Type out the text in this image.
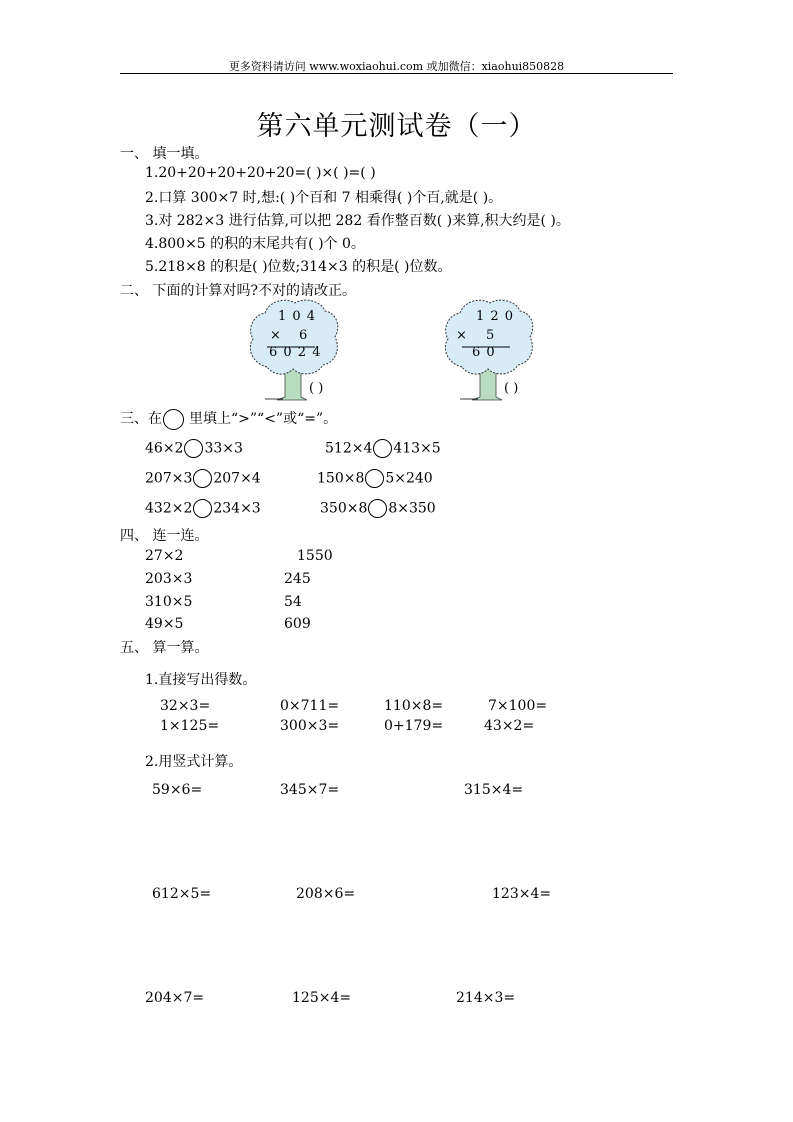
更多资料请访问 www.woxiaohui.com 或加微信：xiaohui850828
第六单元测试卷（一）
一、 填一填。
1.20+20+20+20+20=( )×( )=( )
2.口算 300×7 时,想:( )个百和 7 相乘得( )个百,就是( )。
3.对 282×3 进行估算,可以把 282 看作整百数( )来算,积大约是( )。
4.800×5 的积的末尾共有( )个 0。
5.218×8 的积是( )位数;314×3 的积是( )位数。
二、 下面的计算对吗?不对的请改正。
1 0 4
× 6
6 0 2 4
( )
1 2 0
× 5
6 0
( )
三、在 里填上“>”“<”或“=”。
46×2 33×3	512×4 413×5
207×3 207×4	150×8 5×240
432×2 234×3	350×8 8×350
四、 连一连。
27×2
203×3
310×5
49×5
1550
245
54
609
五、 算一算。
1.直接写出得数。
32×3=	0×711=	110×8=	7×100=
1×125=	300×3=	0+179=	43×2=
2.用竖式计算。
59×6=	345×7=	315×4=
612×5=	208×6=	123×4=
204×7=	125×4=	214×3=
